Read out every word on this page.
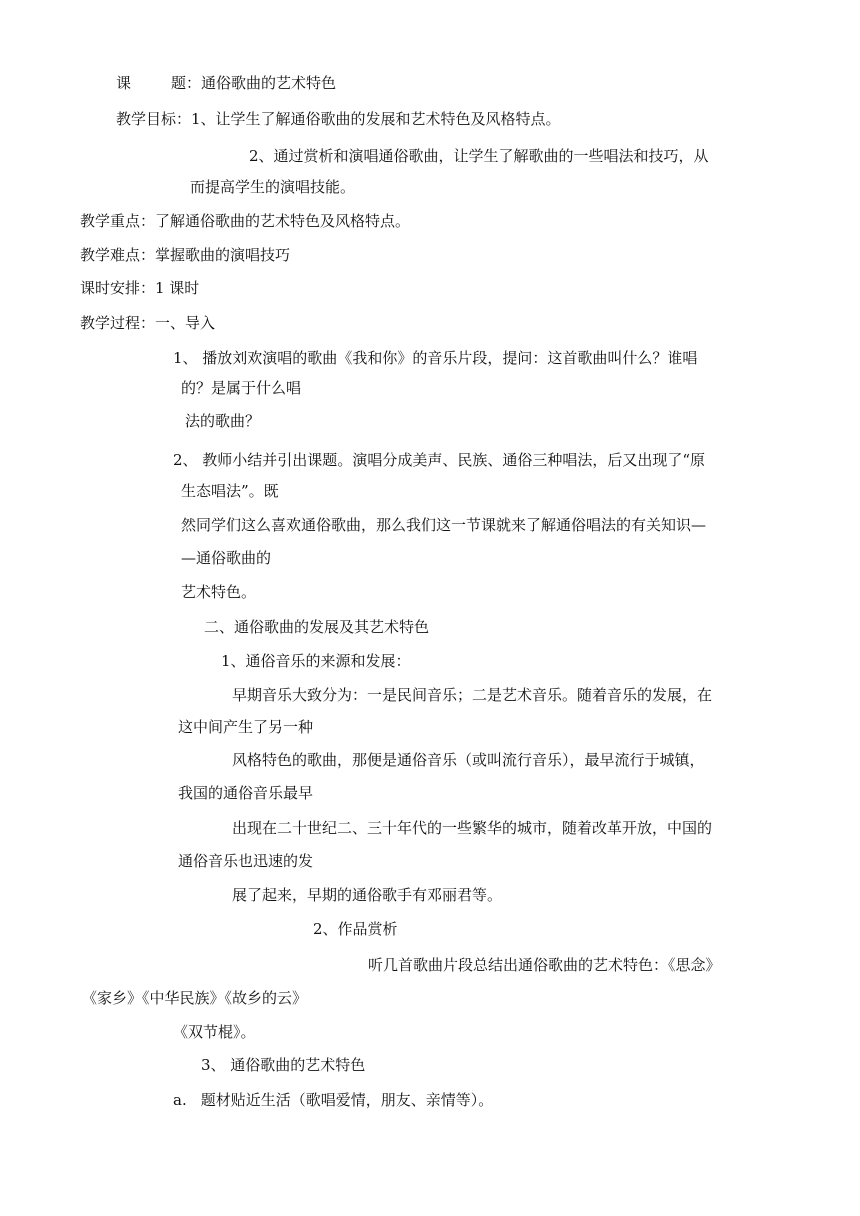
课	题：通俗歌曲的艺术特色
教学目标：1、让学生了解通俗歌曲的发展和艺术特色及风格特点。
2、通过赏析和演唱通俗歌曲，让学生了解歌曲的一些唱法和技巧，从
而提高学生的演唱技能。
教学重点：了解通俗歌曲的艺术特色及风格特点。
教学难点：掌握歌曲的演唱技巧
课时安排：1 课时
教学过程：一、导入
1、 播放刘欢演唱的歌曲《我和你》的音乐片段，提问：这首歌曲叫什么？谁唱
的？是属于什么唱
法的歌曲？
2、 教师小结并引出课题。演唱分成美声、民族、通俗三种唱法，后又出现了“原
生态唱法”。既
然同学们这么喜欢通俗歌曲，那么我们这一节课就来了解通俗唱法的有关知识—
—通俗歌曲的
艺术特色。
二、通俗歌曲的发展及其艺术特色
1、通俗音乐的来源和发展：
早期音乐大致分为：一是民间音乐；二是艺术音乐。随着音乐的发展，在
这中间产生了另一种
风格特色的歌曲，那便是通俗音乐（或叫流行音乐），最早流行于城镇，
我国的通俗音乐最早
出现在二十世纪二、三十年代的一些繁华的城市，随着改革开放，中国的
通俗音乐也迅速的发
展了起来，早期的通俗歌手有邓丽君等。
2、作品赏析
听几首歌曲片段总结出通俗歌曲的艺术特色：《思念》
《家乡》《中华民族》《故乡的云》
《双节棍》。
3、 通俗歌曲的艺术特色
a. 题材贴近生活（歌唱爱情，朋友、亲情等）。
